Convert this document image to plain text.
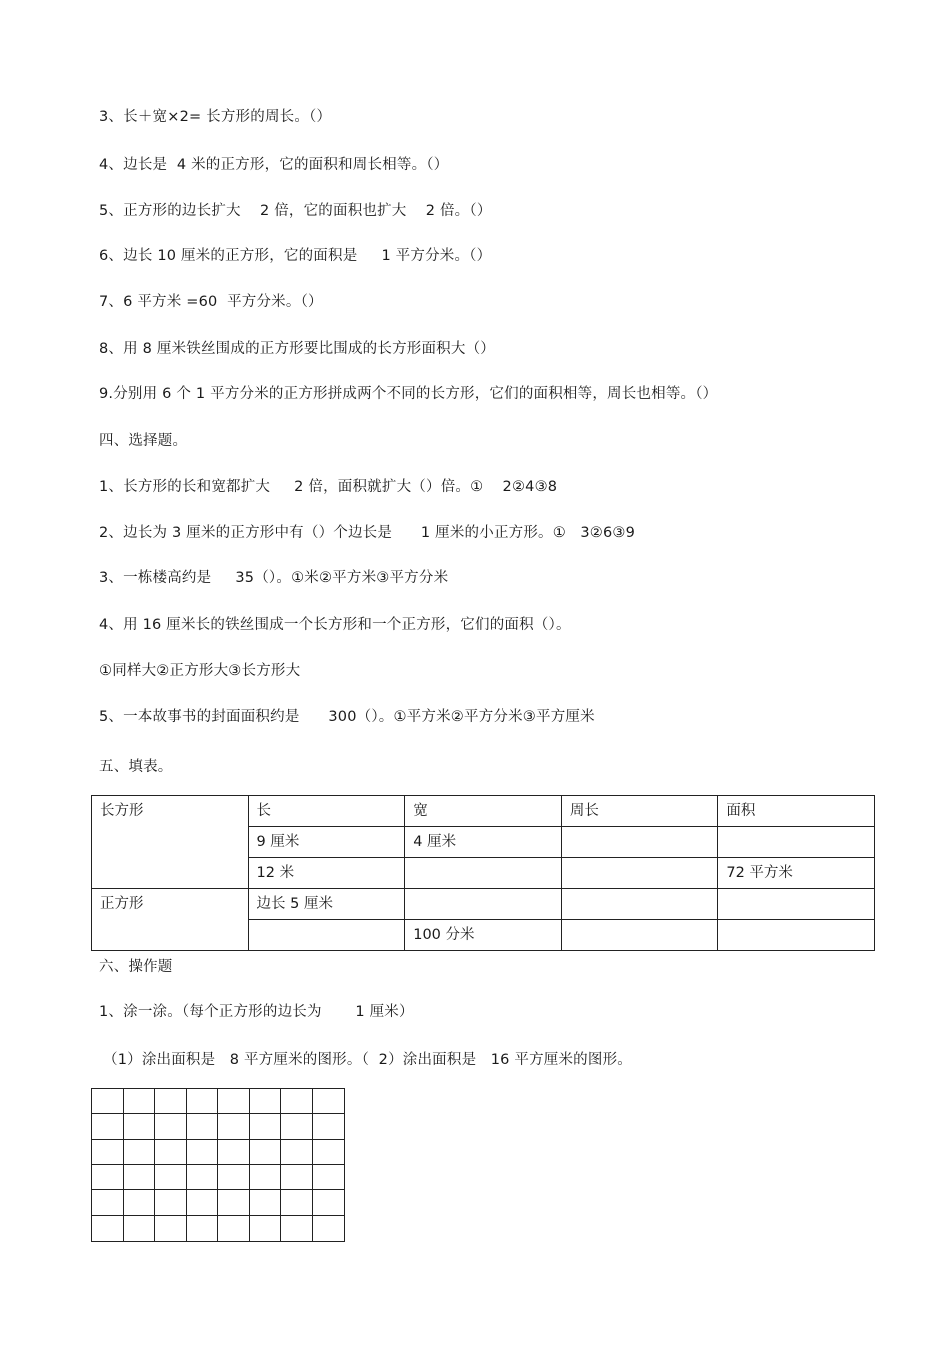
3、长＋宽×2= 长方形的周长。（）
4、边长是  4 米的正方形，它的面积和周长相等。（）
5、正方形的边长扩大    2 倍，它的面积也扩大    2 倍。（）
6、边长 10 厘米的正方形，它的面积是     1 平方分米。（）
7、6 平方米 =60  平方分米。（）
8、用 8 厘米铁丝围成的正方形要比围成的长方形面积大（）
9.分别用 6 个 1 平方分米的正方形拼成两个不同的长方形，它们的面积相等，周长也相等。（）
四、选择题。
1、长方形的长和宽都扩大     2 倍，面积就扩大（）倍。①    2②4③8
2、边长为 3 厘米的正方形中有（）个边长是      1 厘米的小正方形。①   3②6③9
3、一栋楼高约是     35（）。①米②平方米③平方分米
4、用 16 厘米长的铁丝围成一个长方形和一个正方形，它们的面积（）。
①同样大②正方形大③长方形大
5、一本故事书的封面面积约是      300（）。①平方米②平方分米③平方厘米
五、填表。
长方形	长	宽	周长	面积
	9 厘米	4 厘米		
	12 米			72 平方米
正方形	边长 5 厘米			
		100 分米		
六、操作题
1、涂一涂。（每个正方形的边长为       1 厘米）
（1）涂出面积是   8 平方厘米的图形。（  2）涂出面积是   16 平方厘米的图形。
